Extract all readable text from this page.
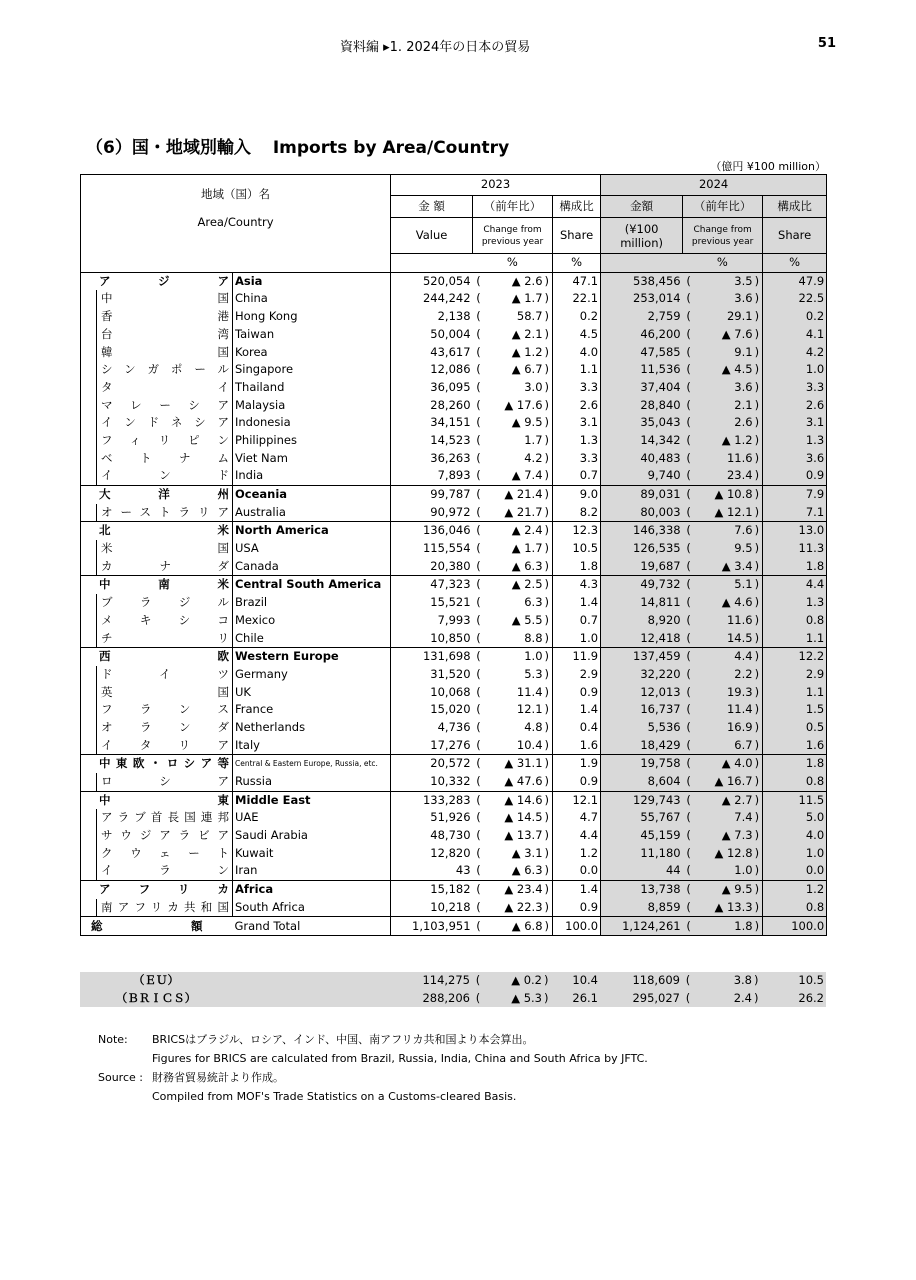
資料編 ▸1. 2024年の日本の貿易	51
（6）国・地域別輸入 Imports by Area/Country
（億円 ¥100 million）
地域（国）名
Area/Country			2023					2024				
			金 額	（前年比）			構成比	金額	（前年比）			構成比
			Value	Change from previous year			Share	(¥100 million)	Change from previous year			Share
				%			%		%			%
アジア		Asia	520,054	(	▲ 2.6	)	47.1	538,456	(	3.5	)	47.9
	中国	China	244,242	(	▲ 1.7	)	22.1	253,014	(	3.6	)	22.5
	香港	Hong Kong	2,138	(	58.7	)	0.2	2,759	(	29.1	)	0.2
	台湾	Taiwan	50,004	(	▲ 2.1	)	4.5	46,200	(	▲ 7.6	)	4.1
	韓国	Korea	43,617	(	▲ 1.2	)	4.0	47,585	(	9.1	)	4.2
	シンガポール	Singapore	12,086	(	▲ 6.7	)	1.1	11,536	(	▲ 4.5	)	1.0
	タイ	Thailand	36,095	(	3.0	)	3.3	37,404	(	3.6	)	3.3
	マレーシア	Malaysia	28,260	(	▲ 17.6	)	2.6	28,840	(	2.1	)	2.6
	インドネシア	Indonesia	34,151	(	▲ 9.5	)	3.1	35,043	(	2.6	)	3.1
	フィリピン	Philippines	14,523	(	1.7	)	1.3	14,342	(	▲ 1.2	)	1.3
	ベトナム	Viet Nam	36,263	(	4.2	)	3.3	40,483	(	11.6	)	3.6
	インド	India	7,893	(	▲ 7.4	)	0.7	9,740	(	23.4	)	0.9
大洋州		Oceania	99,787	(	▲ 21.4	)	9.0	89,031	(	▲ 10.8	)	7.9
	オーストラリア	Australia	90,972	(	▲ 21.7	)	8.2	80,003	(	▲ 12.1	)	7.1
北米		North America	136,046	(	▲ 2.4	)	12.3	146,338	(	7.6	)	13.0
	米国	USA	115,554	(	▲ 1.7	)	10.5	126,535	(	9.5	)	11.3
	カナダ	Canada	20,380	(	▲ 6.3	)	1.8	19,687	(	▲ 3.4	)	1.8
中南米		Central South America	47,323	(	▲ 2.5	)	4.3	49,732	(	5.1	)	4.4
	ブラジル	Brazil	15,521	(	6.3	)	1.4	14,811	(	▲ 4.6	)	1.3
	メキシコ	Mexico	7,993	(	▲ 5.5	)	0.7	8,920	(	11.6	)	0.8
	チリ	Chile	10,850	(	8.8	)	1.0	12,418	(	14.5	)	1.1
西欧		Western Europe	131,698	(	1.0	)	11.9	137,459	(	4.4	)	12.2
	ドイツ	Germany	31,520	(	5.3	)	2.9	32,220	(	2.2	)	2.9
	英国	UK	10,068	(	11.4	)	0.9	12,013	(	19.3	)	1.1
	フランス	France	15,020	(	12.1	)	1.4	16,737	(	11.4	)	1.5
	オランダ	Netherlands	4,736	(	4.8	)	0.4	5,536	(	16.9	)	0.5
	イタリア	Italy	17,276	(	10.4	)	1.6	18,429	(	6.7	)	1.6
中東欧・ロシア等		Central & Eastern Europe, Russia, etc.	20,572	(	▲ 31.1	)	1.9	19,758	(	▲ 4.0	)	1.8
	ロシア	Russia	10,332	(	▲ 47.6	)	0.9	8,604	(	▲ 16.7	)	0.8
中東		Middle East	133,283	(	▲ 14.6	)	12.1	129,743	(	▲ 2.7	)	11.5
	アラブ首長国連邦	UAE	51,926	(	▲ 14.5	)	4.7	55,767	(	7.4	)	5.0
	サウジアラビア	Saudi Arabia	48,730	(	▲ 13.7	)	4.4	45,159	(	▲ 7.3	)	4.0
	クウェート	Kuwait	12,820	(	▲ 3.1	)	1.2	11,180	(	▲ 12.8	)	1.0
	イラン	Iran	43	(	▲ 6.3	)	0.0	44	(	1.0	)	0.0
アフリカ		Africa	15,182	(	▲ 23.4	)	1.4	13,738	(	▲ 9.5	)	1.2
	南アフリカ共和国	South Africa	10,218	(	▲ 22.3	)	0.9	8,859	(	▲ 13.3	)	0.8
総額		Grand Total	1,103,951	(	▲ 6.8	)	100.0	1,124,261	(	1.8	)	100.0
（ＥＵ）		114,275	(	▲ 0.2	)	10.4	118,609	(	3.8	)	10.5
（ＢＲＩＣＳ）		288,206	(	▲ 5.3	)	26.1	295,027	(	2.4	)	26.2
Note: BRICSはブラジル、ロシア、インド、中国、南アフリカ共和国より本会算出。
Figures for BRICS are calculated from Brazil, Russia, India, China and South Africa by JFTC.
Source : 財務省貿易統計より作成。
Compiled from MOF's Trade Statistics on a Customs-cleared Basis.
